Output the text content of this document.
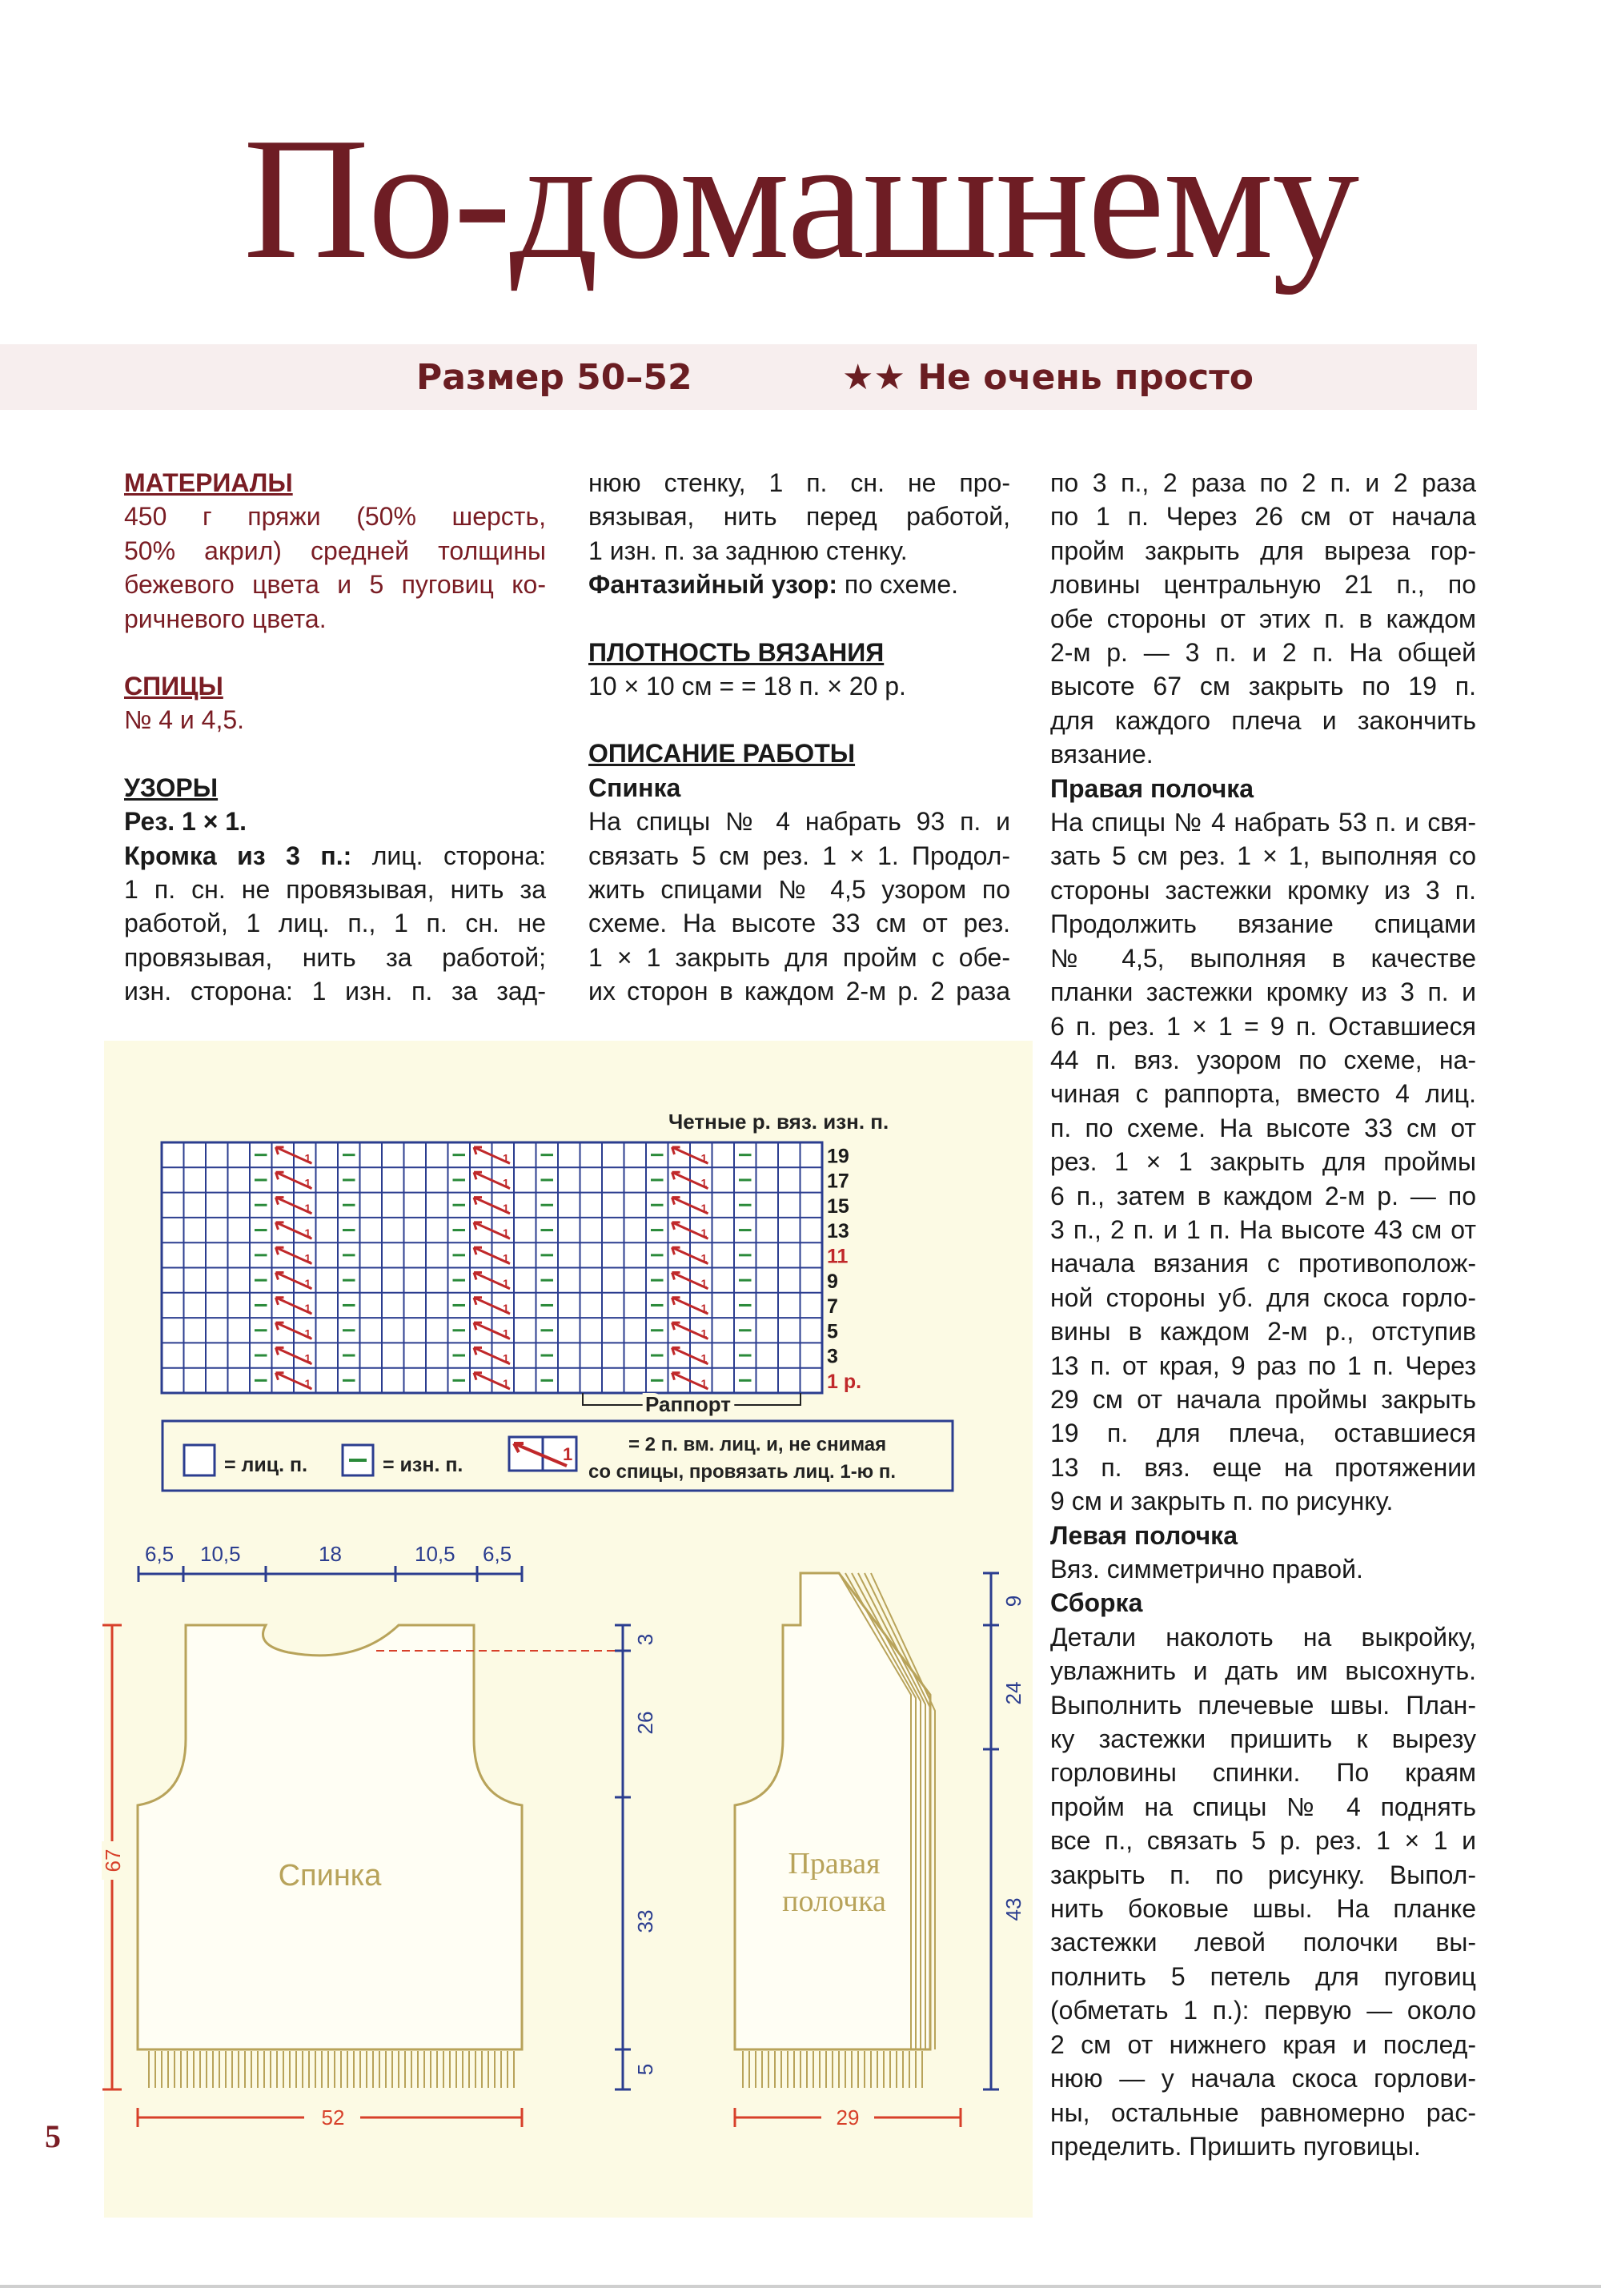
По-домашнему
Размер 50–52	★★ Не очень просто

МАТЕРИАЛЫ

450 г пряжи (50% шерсть,

50% акрил) средней толщины

бежевого цвета и 5 пуговиц ко-

ричневого цвета.

СПИЦЫ

№ 4 и 4,5.

УЗОРЫ

Рез. 1 × 1.

Кромка из 3 п.: лиц. сторона:

1 п. сн. не провязывая, нить за

работой, 1 лиц. п., 1 п. сн. не

провязывая, нить за работой;

изн. сторона: 1 изн. п. за зад-

нюю стенку, 1 п. сн. не про-

вязывая, нить перед работой,

1 изн. п. за заднюю стенку.

Фантазийный узор: по схеме.

ПЛОТНОСТЬ ВЯЗАНИЯ

10 × 10 см = = 18 п. × 20 р.

ОПИСАНИЕ РАБОТЫ

Спинка

На спицы № 4 набрать 93 п. и

связать 5 см рез. 1 × 1. Продол-

жить спицами № 4,5 узором по

схеме. На высоте 33 см от рез.

1 × 1 закрыть для пройм с обе-

их сторон в каждом 2-м р. 2 раза

по 3 п., 2 раза по 2 п. и 2 раза

по 1 п. Через 26 см от начала

пройм закрыть для выреза гор-

ловины центральную 21 п., по

обе стороны от этих п. в каждом

2-м р. — 3 п. и 2 п. На общей

высоте 67 см закрыть по 19 п.

для каждого плеча и закончить

вязание.

Правая полочка

На спицы № 4 набрать 53 п. и свя-

зать 5 см рез. 1 × 1, выполняя со

стороны застежки кромку из 3 п.

Продолжить вязание спицами

№ 4,5, выполняя в качестве

планки застежки кромку из 3 п. и

6 п. рез. 1 × 1 = 9 п. Оставшиеся

44 п. вяз. узором по схеме, на-

чиная с раппорта, вместо 4 лиц.

п. по схеме. На высоте 33 см от

рез. 1 × 1 закрыть для проймы

6 п., затем в каждом 2-м р. — по

3 п., 2 п. и 1 п. На высоте 43 см от

начала вязания с противополож-

ной стороны уб. для скоса горло-

вины в каждом 2-м р., отступив

13 п. от края, 9 раз по 1 п. Через

29 см от начала проймы закрыть

19 п. для плеча, оставшиеся

13 п. вяз. еще на протяжении

9 см и закрыть п. по рисунку.

Левая полочка

Вяз. симметрично правой.

Сборка

Детали наколоть на выкройку,

увлажнить и дать им высохнуть.

Выполнить плечевые швы. План-

ку застежки пришить к вырезу

горловины спинки. По краям

пройм на спицы № 4 поднять

все п., связать 5 р. рез. 1 × 1 и

закрыть п. по рисунку. Выпол-

нить боковые швы. На планке

застежки левой полочки вы-

полнить 5 петель для пуговиц

(обметать 1 п.): первую — около

2 см от нижнего края и послед-

нюю — у начала скоса горлови-

ны, остальные равномерно рас-

пределить. Пришить пуговицы.

Четные р. вяз. изн. п.
1
1
1
1
1
1
1
1
1
1
1
1
1
1
1
1
1
1
1
1
1
1
1
1
1
1
1
1
1
1
19
17
15
13
11
9
7
5
3
1 р.
Раппорт
= лиц. п.	= изн. п.	1	= 2 п. вм. лиц. и, не снимая
со спицы, провязать лиц. 1-ю п.
6,5 10,5	18	10,5 6,5
Спинка
67
52
3
26
33
5
Правая
полочка
9
24
43
29
5
